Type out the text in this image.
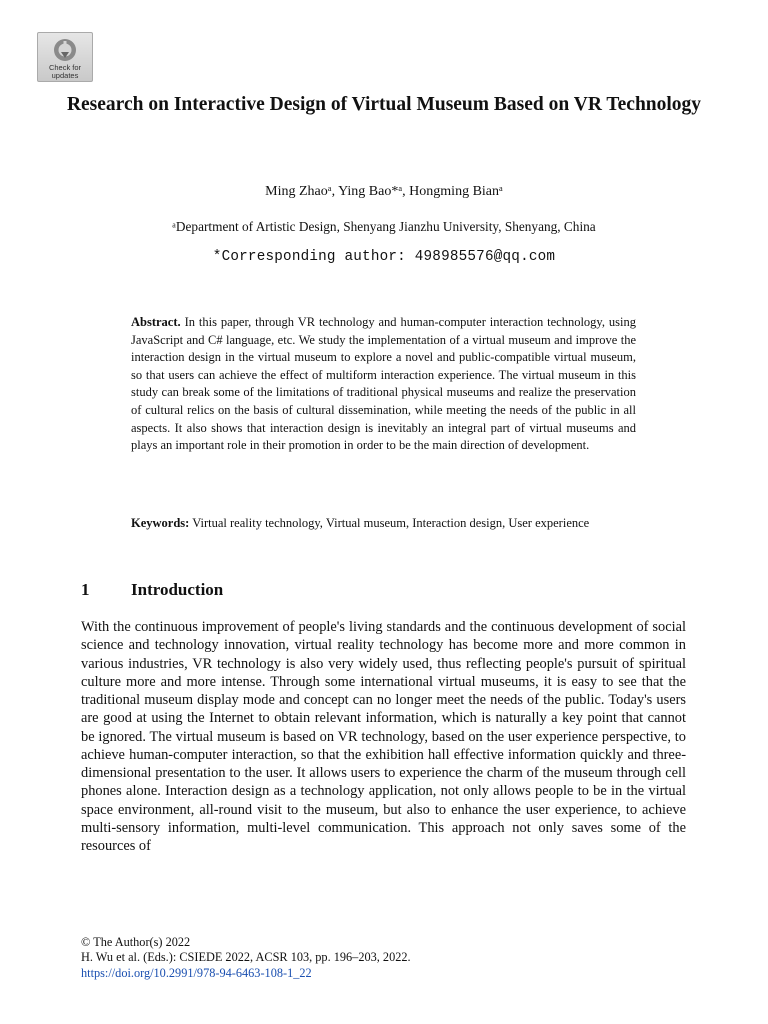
Check for
updates
Research on Interactive Design of Virtual Museum Based on VR Technology
Ming Zhaoᵃ, Ying Bao*ᵃ, Hongming Bianᵃ
ᵃDepartment of Artistic Design, Shenyang Jianzhu University, Shenyang, China
*Corresponding author: 498985576@qq.com
Abstract. In this paper, through VR technology and human-computer interaction technology, using JavaScript and C# language, etc. We study the implementation of a virtual museum and improve the interaction design in the virtual museum to explore a novel and public-compatible virtual museum, so that users can achieve the effect of multiform interaction experience. The virtual museum in this study can break some of the limitations of traditional physical museums and realize the preservation of cultural relics on the basis of cultural dissemination, while meeting the needs of the public in all aspects. It also shows that interaction design is inevitably an integral part of virtual museums and plays an important role in their promotion in order to be the main direction of development.
Keywords: Virtual reality technology, Virtual museum, Interaction design, User experience
1 Introduction
With the continuous improvement of people's living standards and the continuous development of social science and technology innovation, virtual reality technology has become more and more common in various industries, VR technology is also very widely used, thus reflecting people's pursuit of spiritual culture more and more intense. Through some international virtual museums, it is easy to see that the traditional museum display mode and concept can no longer meet the needs of the public. Today's users are good at using the Internet to obtain relevant information, which is naturally a key point that cannot be ignored. The virtual museum is based on VR technology, based on the user experience perspective, to achieve human-computer interaction, so that the exhibition hall effective information quickly and three-dimensional presentation to the user. It allows users to experience the charm of the museum through cell phones alone. Interaction design as a technology application, not only allows people to be in the virtual space environment, all-round visit to the museum, but also to enhance the user experience, to achieve multi-sensory information, multi-level communication. This approach not only saves some of the resources of
© The Author(s) 2022
H. Wu et al. (Eds.): CSIEDE 2022, ACSR 103, pp. 196–203, 2022.
https://doi.org/10.2991/978-94-6463-108-1_22
